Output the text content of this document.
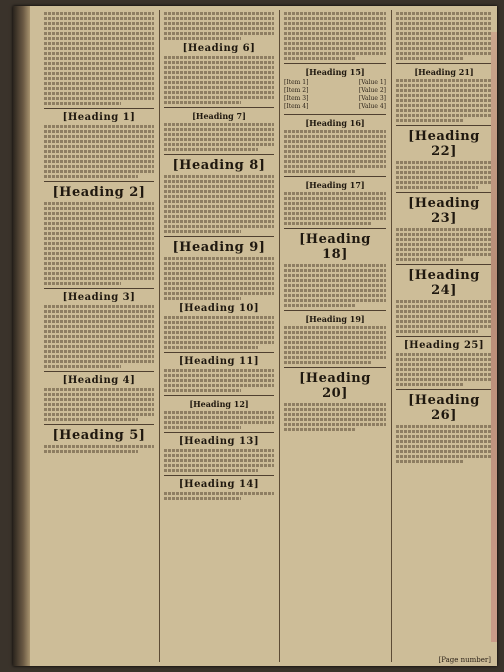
[Heading 1]
[Heading 2]
[Heading 3]
[Heading 4]
[Heading 5]
[Heading 6]
[Heading 7]
[Heading 8]
[Heading 9]
[Heading 10]
[Heading 11]
[Heading 12]
[Heading 13]
[Heading 14]
[Heading 15]
[Item 1]	[Value 1]
[Item 2]	[Value 2]
[Item 3]	[Value 3]
[Item 4]	[Value 4]
[Heading 16]
[Heading 17]
[Heading 18]
[Heading 19]
[Heading 20]
[Heading 21]
[Heading 22]
[Heading 23]
[Heading 24]
[Heading 25]
[Heading 26]
[Page number]
